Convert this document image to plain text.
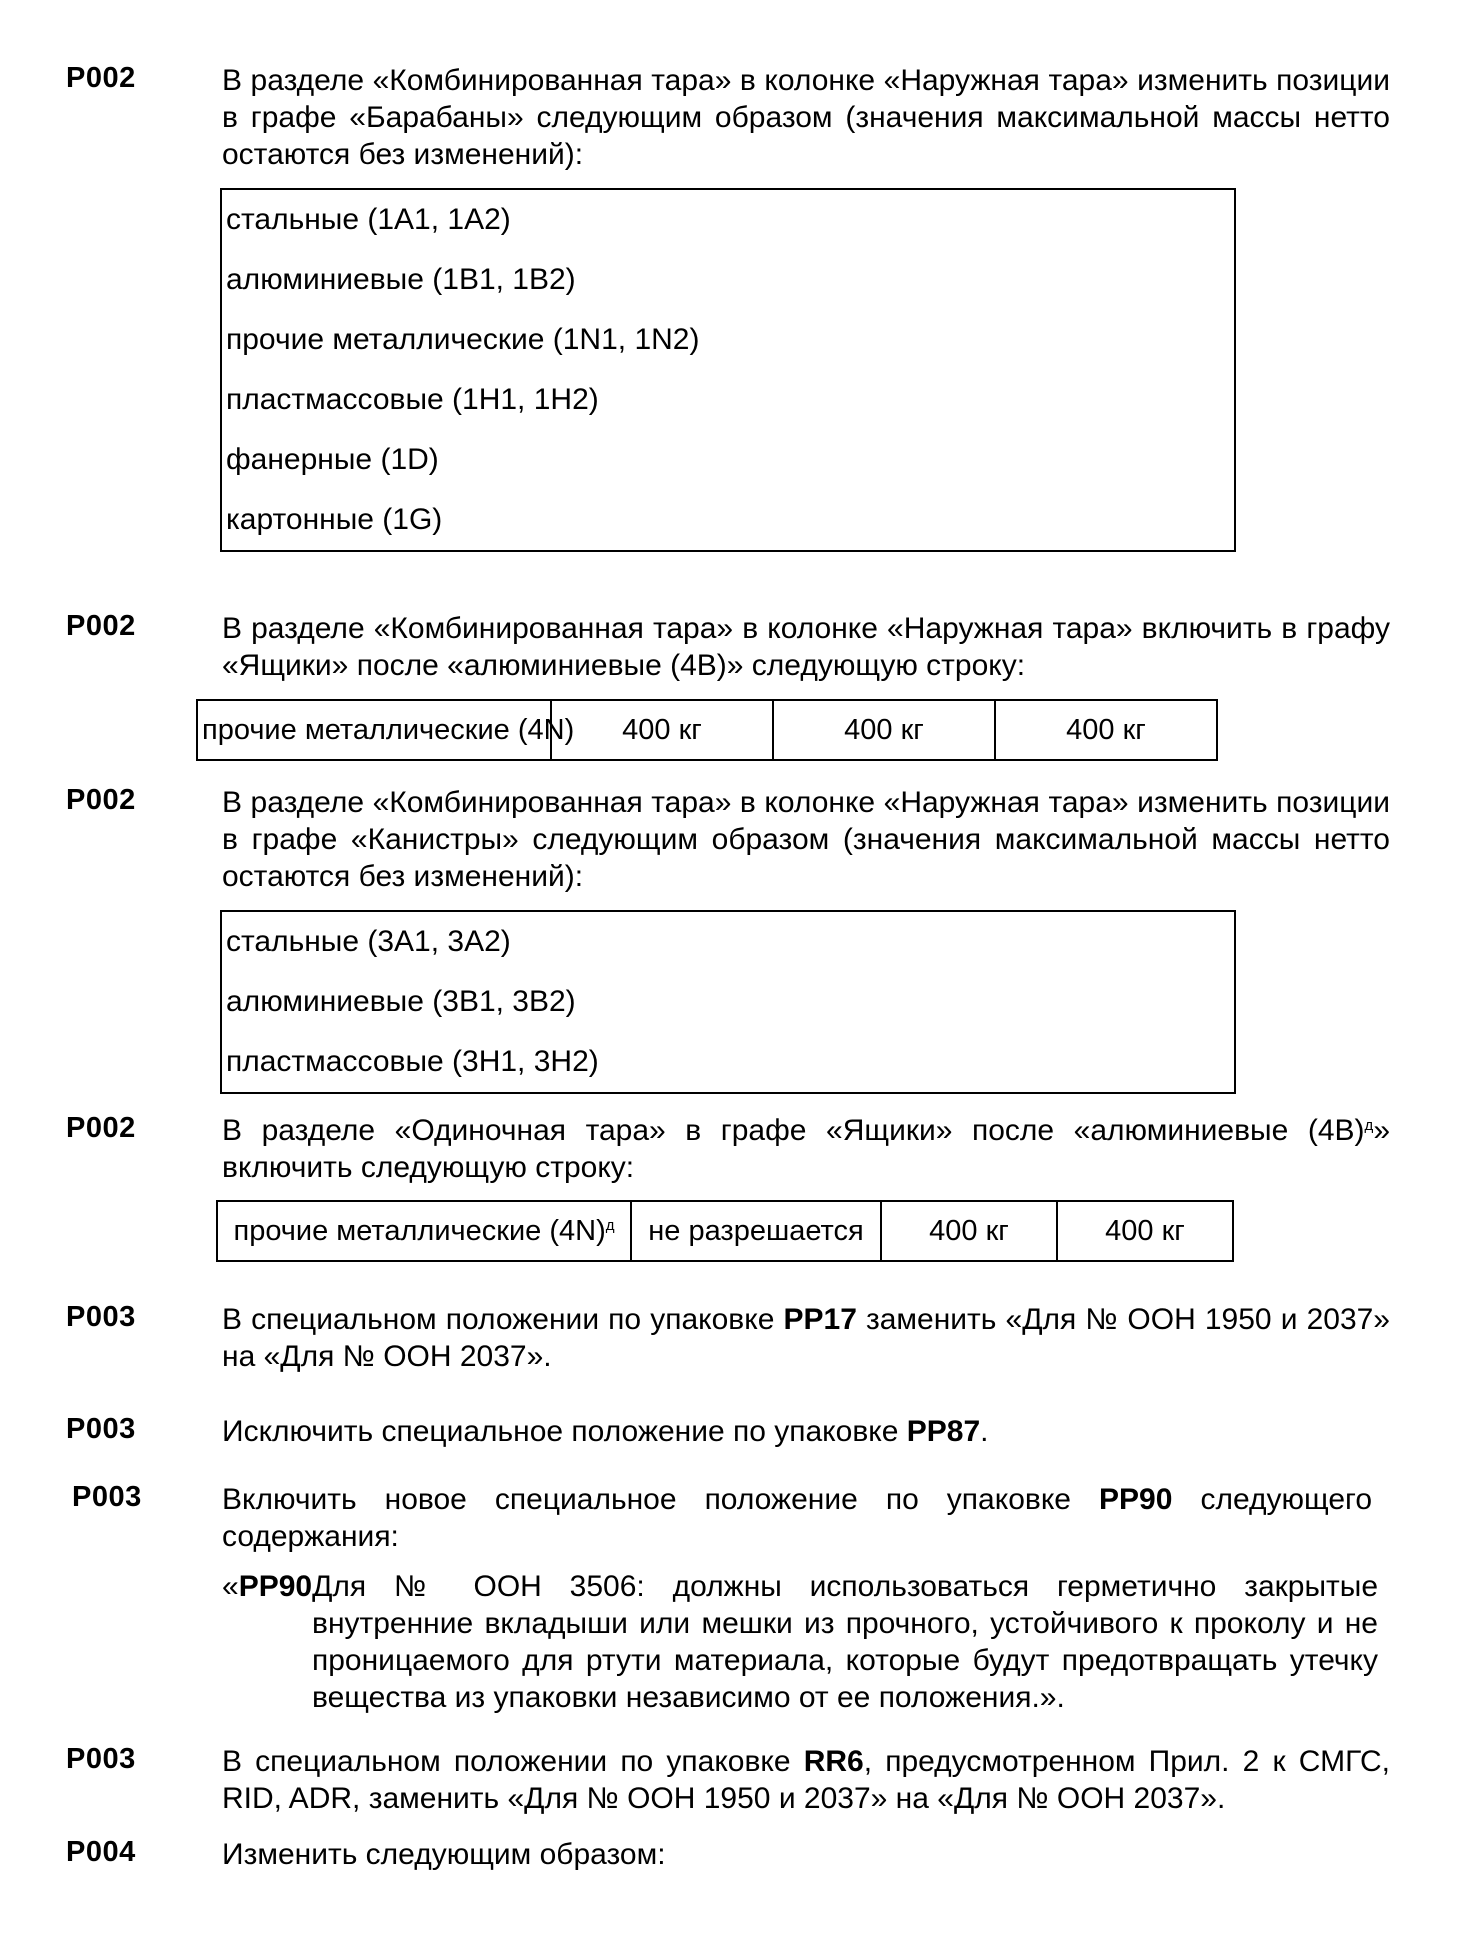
P002	В разделе «Комбинированная тара» в колонке «Наружная тара» изменить позиции в графе «Барабаны» следующим образом (значения максимальной массы нетто остаются без изменений):
стальные (1A1, 1A2)
алюминиевые (1B1, 1B2)
прочие металлические (1N1, 1N2)
пластмассовые (1H1, 1H2)
фанерные (1D)
картонные (1G)
P002	В разделе «Комбинированная тара» в колонке «Наружная тара» включить в графу «Ящики» после «алюминиевые (4B)» следующую строку:
прочие металлические (4N)	400 кг	400 кг	400 кг
P002	В разделе «Комбинированная тара» в колонке «Наружная тара» изменить позиции в графе «Канистры» следующим образом (значения максимальной массы нетто остаются без изменений):
стальные (3A1, 3A2)
алюминиевые (3B1, 3B2)
пластмассовые (3H1, 3H2)
P002	В разделе «Одиночная тара» в графе «Ящики» после «алюминиевые $(4B)^д$» включить следующую строку:
прочие металлические $(4N)^д$	не разрешается	400 кг	400 кг
P003	В специальном положении по упаковке PP17 заменить «Для № ООН 1950 и 2037» на «Для № ООН 2037».
P003	Исключить специальное положение по упаковке PP87.
P003	Включить новое специальное положение по упаковке PP90 следующего содержания:
«PP90Для № ООН 3506: должны использоваться герметично закрытые внутренние вкладыши или мешки из прочного, устойчивого к проколу и не проницаемого для ртути материала, которые будут предотвращать утечку вещества из упаковки независимо от ее положения.».
P003	В специальном положении по упаковке RR6, предусмотренном Прил. 2 к СМГС, RID, ADR, заменить «Для № ООН 1950 и 2037» на «Для № ООН 2037».
P004	Изменить следующим образом:
